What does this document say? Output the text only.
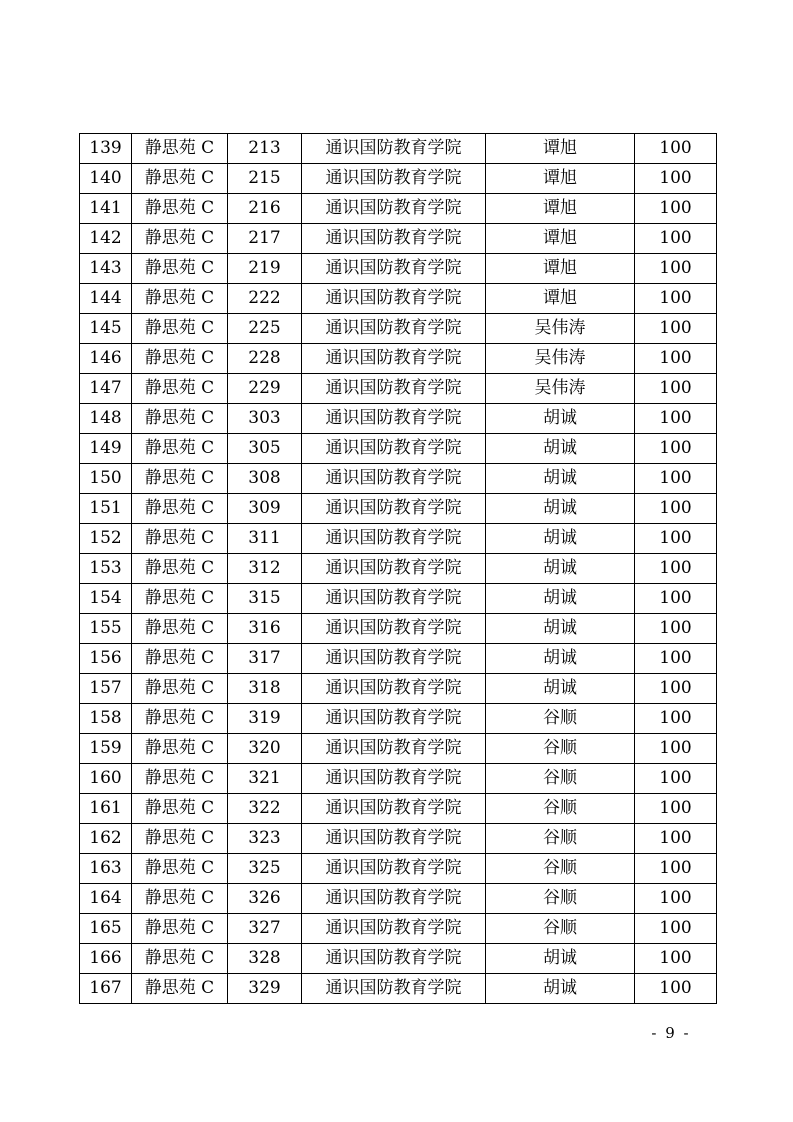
139	静思苑 C	213	通识国防教育学院	谭旭	100
140	静思苑 C	215	通识国防教育学院	谭旭	100
141	静思苑 C	216	通识国防教育学院	谭旭	100
142	静思苑 C	217	通识国防教育学院	谭旭	100
143	静思苑 C	219	通识国防教育学院	谭旭	100
144	静思苑 C	222	通识国防教育学院	谭旭	100
145	静思苑 C	225	通识国防教育学院	吴伟涛	100
146	静思苑 C	228	通识国防教育学院	吴伟涛	100
147	静思苑 C	229	通识国防教育学院	吴伟涛	100
148	静思苑 C	303	通识国防教育学院	胡诚	100
149	静思苑 C	305	通识国防教育学院	胡诚	100
150	静思苑 C	308	通识国防教育学院	胡诚	100
151	静思苑 C	309	通识国防教育学院	胡诚	100
152	静思苑 C	311	通识国防教育学院	胡诚	100
153	静思苑 C	312	通识国防教育学院	胡诚	100
154	静思苑 C	315	通识国防教育学院	胡诚	100
155	静思苑 C	316	通识国防教育学院	胡诚	100
156	静思苑 C	317	通识国防教育学院	胡诚	100
157	静思苑 C	318	通识国防教育学院	胡诚	100
158	静思苑 C	319	通识国防教育学院	谷顺	100
159	静思苑 C	320	通识国防教育学院	谷顺	100
160	静思苑 C	321	通识国防教育学院	谷顺	100
161	静思苑 C	322	通识国防教育学院	谷顺	100
162	静思苑 C	323	通识国防教育学院	谷顺	100
163	静思苑 C	325	通识国防教育学院	谷顺	100
164	静思苑 C	326	通识国防教育学院	谷顺	100
165	静思苑 C	327	通识国防教育学院	谷顺	100
166	静思苑 C	328	通识国防教育学院	胡诚	100
167	静思苑 C	329	通识国防教育学院	胡诚	100
- 9 -
